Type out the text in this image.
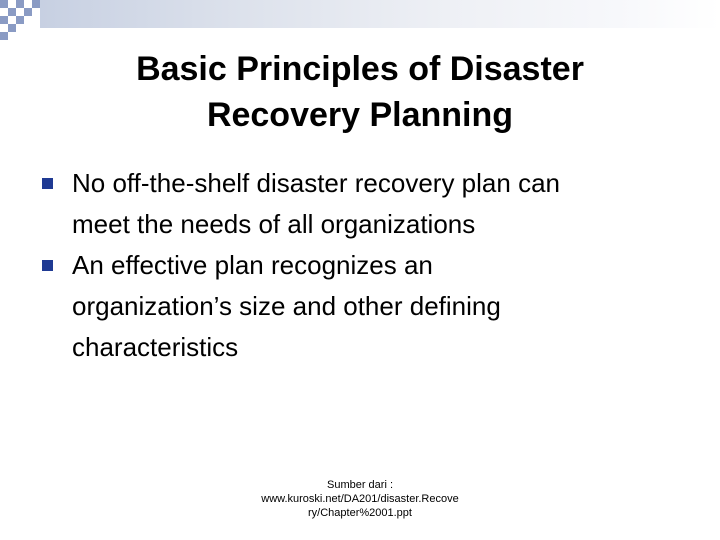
Basic Principles of Disaster
Recovery Planning
No off-the-shelf disaster recovery plan can
meet the needs of all organizations
An effective plan recognizes an
organization’s size and other defining
characteristics
Sumber dari :
www.kuroski.net/DA201/disaster.Recove
ry/Chapter%2001.ppt
